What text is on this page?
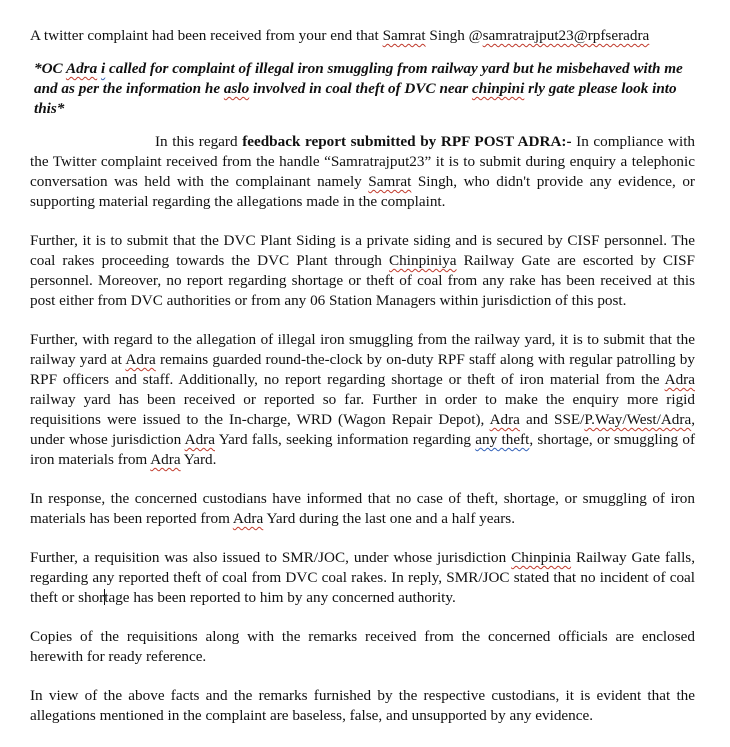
A twitter complaint had been received from your end that Samrat Singh @samratrajput23@rpfseradra

*OC Adra i called for complaint of illegal iron smuggling from railway yard but he misbehaved with me and as per the information he aslo involved in coal theft of DVC near chinpini rly gate please look into this*

In this regard feedback report submitted by RPF POST ADRA:- In compliance with the Twitter complaint received from the handle “Samratrajput23” it is to submit during enquiry a telephonic conversation was held with the complainant namely Samrat Singh, who didn't provide any evidence, or supporting material regarding the allegations made in the complaint.

Further, it is to submit that the DVC Plant Siding is a private siding and is secured by CISF personnel. The coal rakes proceeding towards the DVC Plant through Chinpiniya Railway Gate are escorted by CISF personnel. Moreover, no report regarding shortage or theft of coal from any rake has been received at this post either from DVC authorities or from any 06 Station Managers within jurisdiction of this post.

Further, with regard to the allegation of illegal iron smuggling from the railway yard, it is to submit that the railway yard at Adra remains guarded round-the-clock by on-duty RPF staff along with regular patrolling by RPF officers and staff. Additionally, no report regarding shortage or theft of iron material from the Adra railway yard has been received or reported so far. Further in order to make the enquiry more rigid requisitions were issued to the In-charge, WRD (Wagon Repair Depot), Adra and SSE/P.Way/West/Adra, under whose jurisdiction Adra Yard falls, seeking information regarding any theft, shortage, or smuggling of iron materials from Adra Yard.

In response, the concerned custodians have informed that no case of theft, shortage, or smuggling of iron materials has been reported from Adra Yard during the last one and a half years.

Further, a requisition was also issued to SMR/JOC, under whose jurisdiction Chinpinia Railway Gate falls, regarding any reported theft of coal from DVC coal rakes. In reply, SMR/JOC stated that no incident of coal theft or shortage has been reported to him by any concerned authority.

Copies of the requisitions along with the remarks received from the concerned officials are enclosed herewith for ready reference.

In view of the above facts and the remarks furnished by the respective custodians, it is evident that the allegations mentioned in the complaint are baseless, false, and unsupported by any evidence.
